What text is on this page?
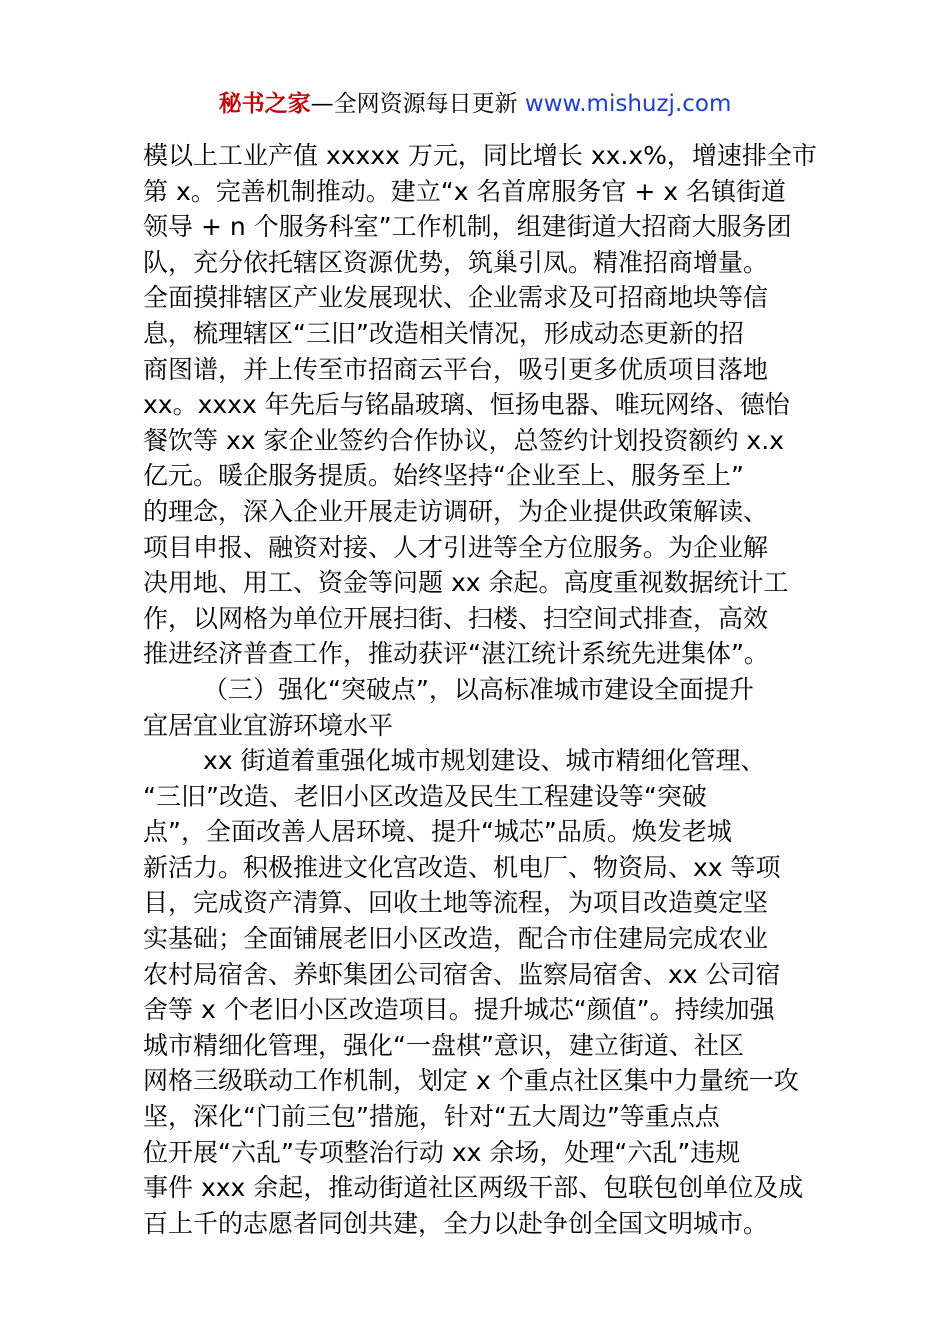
秘书之家—全网资源每日更新 www.mishuzj.com
模以上工业产值 xxxxx 万元，同比增长 xx.x%，增速排全市
第 x。完善机制推动。建立“x 名首席服务官 + x 名镇街道
领导 + n 个服务科室”工作机制，组建街道大招商大服务团
队，充分依托辖区资源优势，筑巢引凤。精准招商增量。
全面摸排辖区产业发展现状、企业需求及可招商地块等信
息，梳理辖区“三旧”改造相关情况，形成动态更新的招
商图谱，并上传至市招商云平台，吸引更多优质项目落地
xx。xxxx 年先后与铭晶玻璃、恒扬电器、唯玩网络、德怡
餐饮等 xx 家企业签约合作协议，总签约计划投资额约 x.x
亿元。暖企服务提质。始终坚持“企业至上、服务至上”
的理念，深入企业开展走访调研，为企业提供政策解读、
项目申报、融资对接、人才引进等全方位服务。为企业解
决用地、用工、资金等问题 xx 余起。高度重视数据统计工
作，以网格为单位开展扫街、扫楼、扫空间式排查，高效
推进经济普查工作，推动获评“湛江统计系统先进集体”。
（三）强化“突破点”，以高标准城市建设全面提升
宜居宜业宜游环境水平
xx 街道着重强化城市规划建设、城市精细化管理、
“三旧”改造、老旧小区改造及民生工程建设等“突破
点”，全面改善人居环境、提升“城芯”品质。焕发老城
新活力。积极推进文化宫改造、机电厂、物资局、xx 等项
目，完成资产清算、回收土地等流程，为项目改造奠定坚
实基础；全面铺展老旧小区改造，配合市住建局完成农业
农村局宿舍、养虾集团公司宿舍、监察局宿舍、xx 公司宿
舍等 x 个老旧小区改造项目。提升城芯“颜值”。持续加强
城市精细化管理，强化“一盘棋”意识，建立街道、社区
网格三级联动工作机制，划定 x 个重点社区集中力量统一攻
坚，深化“门前三包”措施，针对“五大周边”等重点点
位开展“六乱”专项整治行动 xx 余场，处理“六乱”违规
事件 xxx 余起，推动街道社区两级干部、包联包创单位及成
百上千的志愿者同创共建，全力以赴争创全国文明城市。
